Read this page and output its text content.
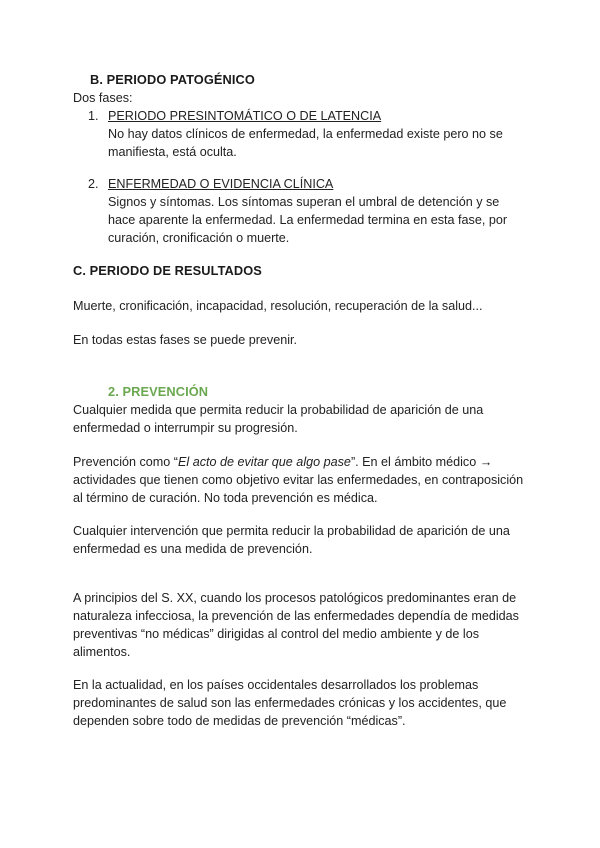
B. PERIODO PATOGÉNICO
Dos fases:
1. PERIODO PRESINTOMÁTICO O DE LATENCIA
No hay datos clínicos de enfermedad, la enfermedad existe pero no se manifiesta, está oculta.
2. ENFERMEDAD O EVIDENCIA CLÍNICA
Signos y síntomas. Los síntomas superan el umbral de detención y se hace aparente la enfermedad. La enfermedad termina en esta fase, por curación, cronificación o muerte.
C. PERIODO DE RESULTADOS
Muerte, cronificación, incapacidad, resolución, recuperación de la salud...
En todas estas fases se puede prevenir.
2. PREVENCIÓN
Cualquier medida que permita reducir la probabilidad de aparición de una enfermedad o interrumpir su progresión.
Prevención como “El acto de evitar que algo pase”. En el ámbito médico → actividades que tienen como objetivo evitar las enfermedades, en contraposición al término de curación. No toda prevención es médica.
Cualquier intervención que permita reducir la probabilidad de aparición de una enfermedad es una medida de prevención.
A principios del S. XX, cuando los procesos patológicos predominantes eran de naturaleza infecciosa, la prevención de las enfermedades dependía de medidas preventivas “no médicas” dirigidas al control del medio ambiente y de los alimentos.
En la actualidad, en los países occidentales desarrollados los problemas predominantes de salud son las enfermedades crónicas y los accidentes, que dependen sobre todo de medidas de prevención “médicas”.
